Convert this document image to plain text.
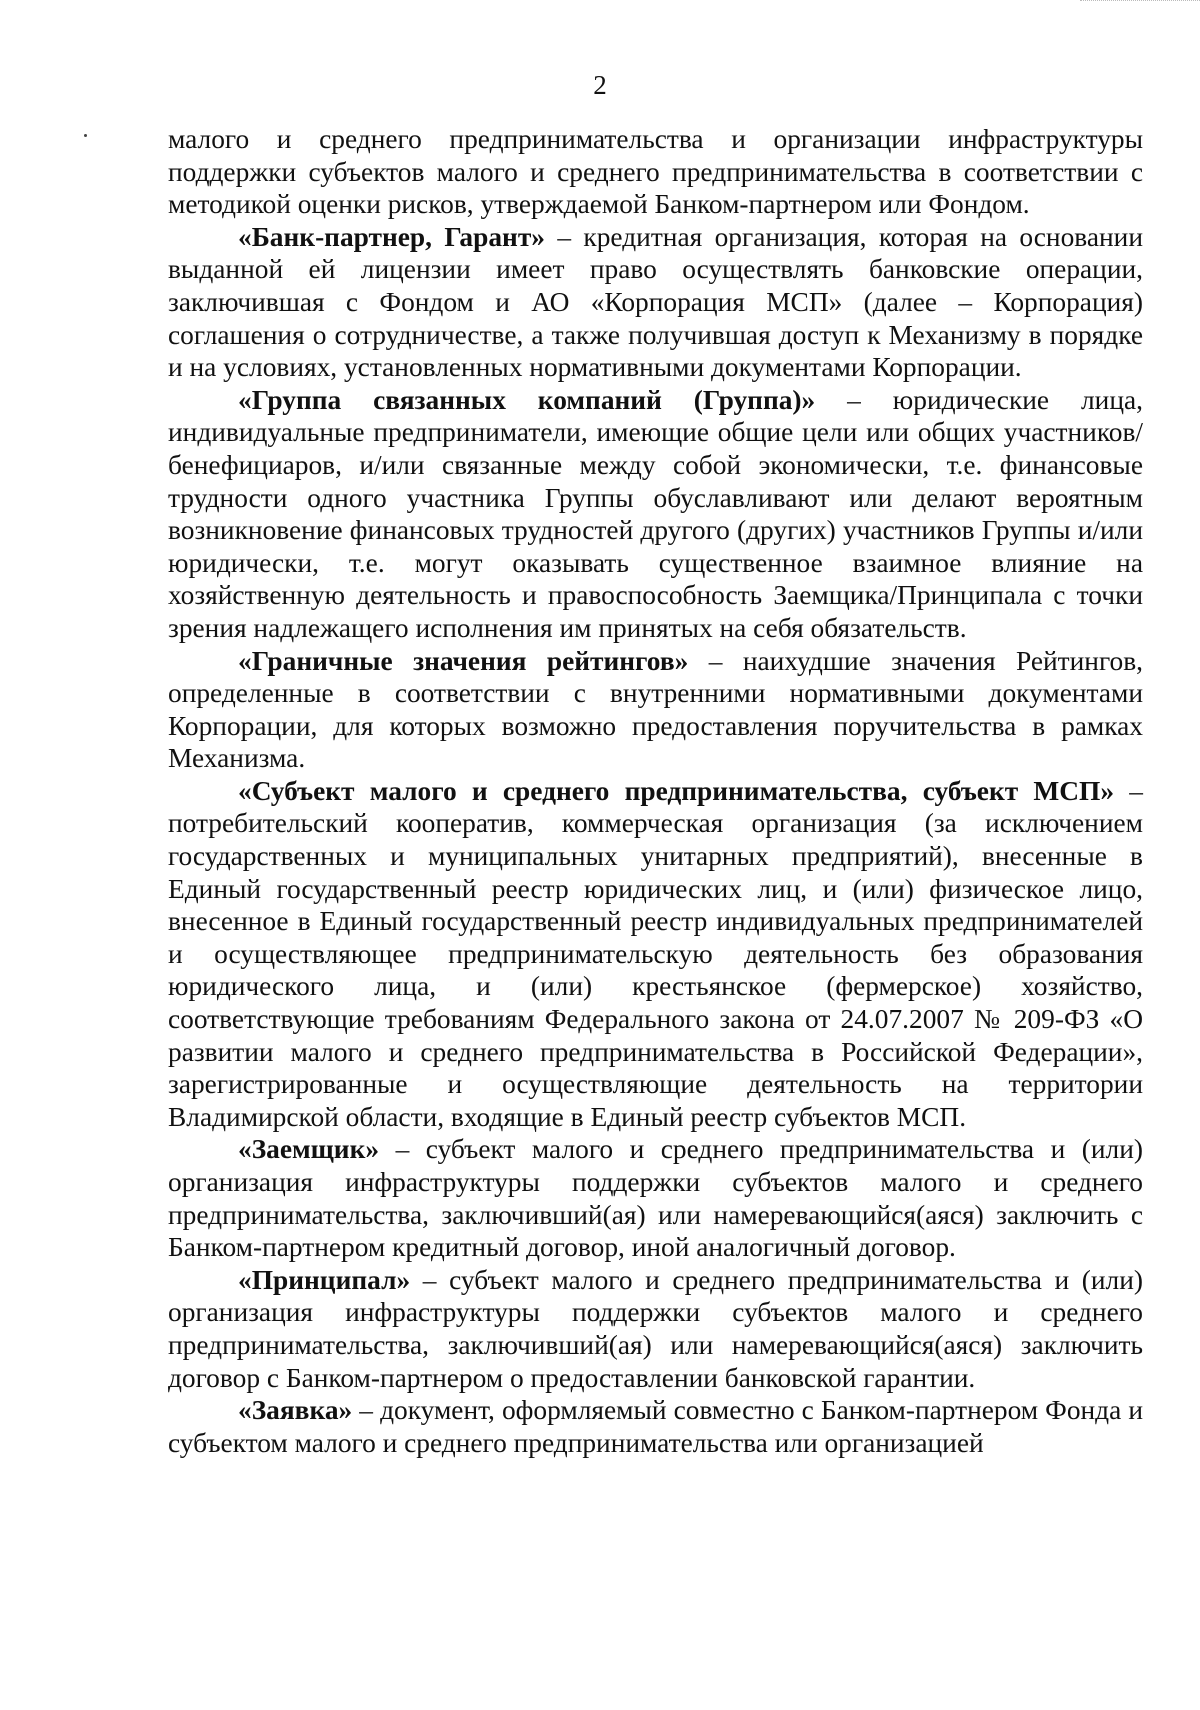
2

малого и среднего предпринимательства и организации инфраструктуры поддержки субъектов малого и среднего предпринимательства в соответствии с методикой оценки рисков, утверждаемой Банком-партнером или Фондом.

«Банк-партнер, Гарант» – кредитная организация, которая на основании выданной ей лицензии имеет право осуществлять банковские операции, заключившая с Фондом и АО «Корпорация МСП» (далее – Корпорация) соглашения о сотрудничестве, а также получившая доступ к Механизму в порядке и на условиях, установленных нормативными документами Корпорации.

«Группа связанных компаний (Группа)» – юридические лица, индивидуальные предприниматели, имеющие общие цели или общих участников/бенефициаров, и/или связанные между собой экономически, т.е. финансовые трудности одного участника Группы обуславливают или делают вероятным возникновение финансовых трудностей другого (других) участников Группы и/или юридически, т.е. могут оказывать существенное взаимное влияние на хозяйственную деятельность и правоспособность Заемщика/Принципала с точки зрения надлежащего исполнения им принятых на себя обязательств.

«Граничные значения рейтингов» – наихудшие значения Рейтингов, определенные в соответствии с внутренними нормативными документами Корпорации, для которых возможно предоставления поручительства в рамках Механизма.

«Субъект малого и среднего предпринимательства, субъект МСП» – потребительский кооператив, коммерческая организация (за исключением государственных и муниципальных унитарных предприятий), внесенные в Единый государственный реестр юридических лиц, и (или) физическое лицо, внесенное в Единый государственный реестр индивидуальных предпринимателей и осуществляющее предпринимательскую деятельность без образования юридического лица, и (или) крестьянское (фермерское) хозяйство, соответствующие требованиям Федерального закона от 24.07.2007 № 209-ФЗ «О развитии малого и среднего предпринимательства в Российской Федерации», зарегистрированные и осуществляющие деятельность на территории Владимирской области, входящие в Единый реестр субъектов МСП.

«Заемщик» – субъект малого и среднего предпринимательства и (или) организация инфраструктуры поддержки субъектов малого и среднего предпринимательства, заключивший(ая) или намеревающийся(аяся) заключить с Банком-партнером кредитный договор, иной аналогичный договор.

«Принципал» – субъект малого и среднего предпринимательства и (или) организация инфраструктуры поддержки субъектов малого и среднего предпринимательства, заключивший(ая) или намеревающийся(аяся) заключить договор с Банком-партнером о предоставлении банковской гарантии.

«Заявка» – документ, оформляемый совместно с Банком-партнером Фонда и субъектом малого и среднего предпринимательства или организацией
